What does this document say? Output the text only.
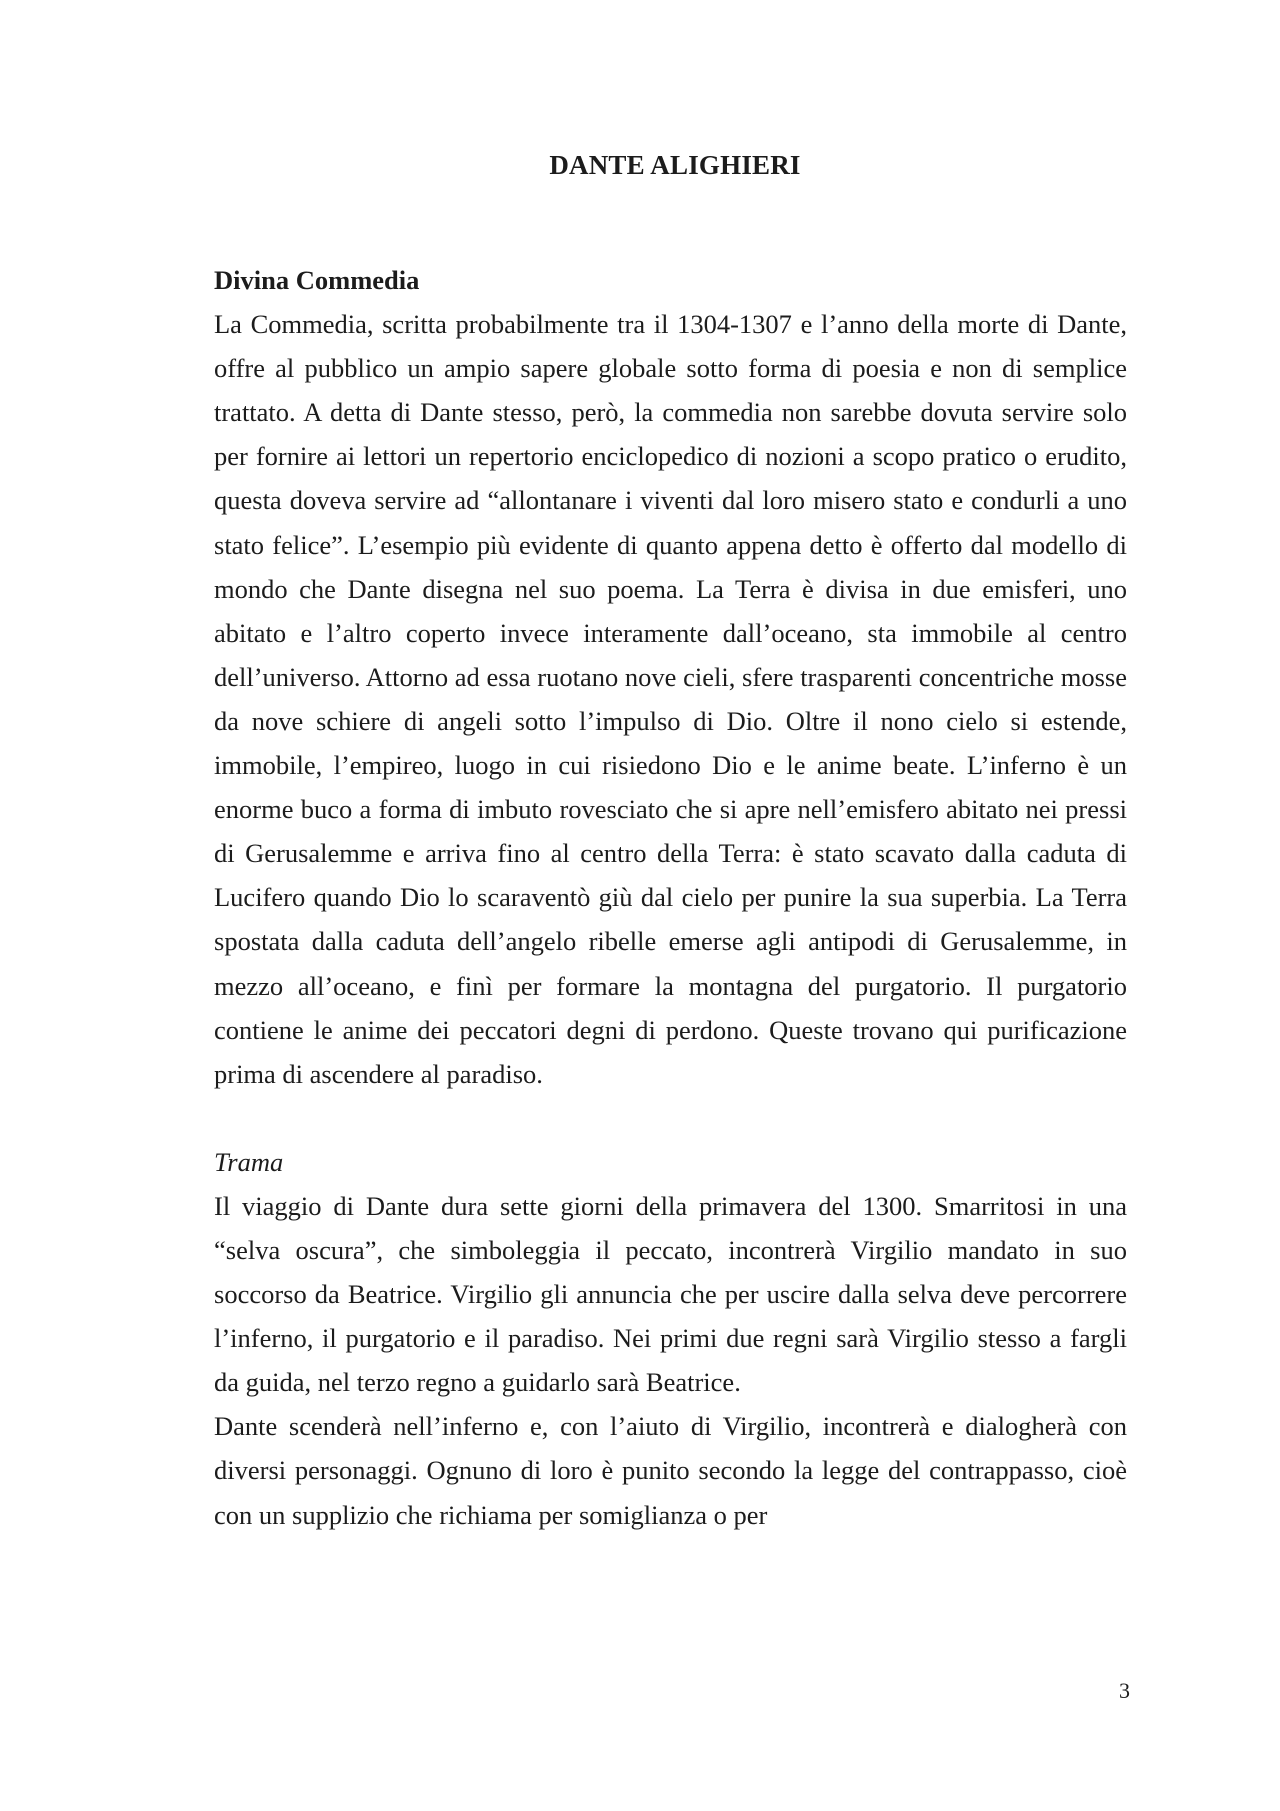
DANTE ALIGHIERI

Divina Commedia

La Commedia, scritta probabilmente tra il 1304-1307 e l’anno della morte di Dante, offre al pubblico un ampio sapere globale sotto forma di poesia e non di semplice trattato. A detta di Dante stesso, però, la commedia non sarebbe dovuta servire solo per fornire ai lettori un repertorio enciclopedico di nozioni a scopo pratico o erudito, questa doveva servire ad “allontanare i viventi dal loro misero stato e condurli a uno stato felice”. L’esempio più evidente di quanto appena detto è offerto dal modello di mondo che Dante disegna nel suo poema. La Terra è divisa in due emisferi, uno abitato e l’altro coperto invece interamente dall’oceano, sta immobile al centro dell’universo. Attorno ad essa ruotano nove cieli, sfere trasparenti concentriche mosse da nove schiere di angeli sotto l’impulso di Dio. Oltre il nono cielo si estende, immobile, l’empireo, luogo in cui risiedono Dio e le anime beate. L’inferno è un enorme buco a forma di imbuto rovesciato che si apre nell’emisfero abitato nei pressi di Gerusalemme e arriva fino al centro della Terra: è stato scavato dalla caduta di Lucifero quando Dio lo scaraventò giù dal cielo per punire la sua superbia. La Terra spostata dalla caduta dell’angelo ribelle emerse agli antipodi di Gerusalemme, in mezzo all’oceano, e finì per formare la montagna del purgatorio. Il purgatorio contiene le anime dei peccatori degni di perdono. Queste trovano qui purificazione prima di ascendere al paradiso.

Trama

Il viaggio di Dante dura sette giorni della primavera del 1300. Smarritosi in una “selva oscura”, che simboleggia il peccato, incontrerà Virgilio mandato in suo soccorso da Beatrice. Virgilio gli annuncia che per uscire dalla selva deve percorrere l’inferno, il purgatorio e il paradiso. Nei primi due regni sarà Virgilio stesso a fargli da guida, nel terzo regno a guidarlo sarà Beatrice.

Dante scenderà nell’inferno e, con l’aiuto di Virgilio, incontrerà e dialogherà con diversi personaggi. Ognuno di loro è punito secondo la legge del contrappasso, cioè con un supplizio che richiama per somiglianza o per

3
